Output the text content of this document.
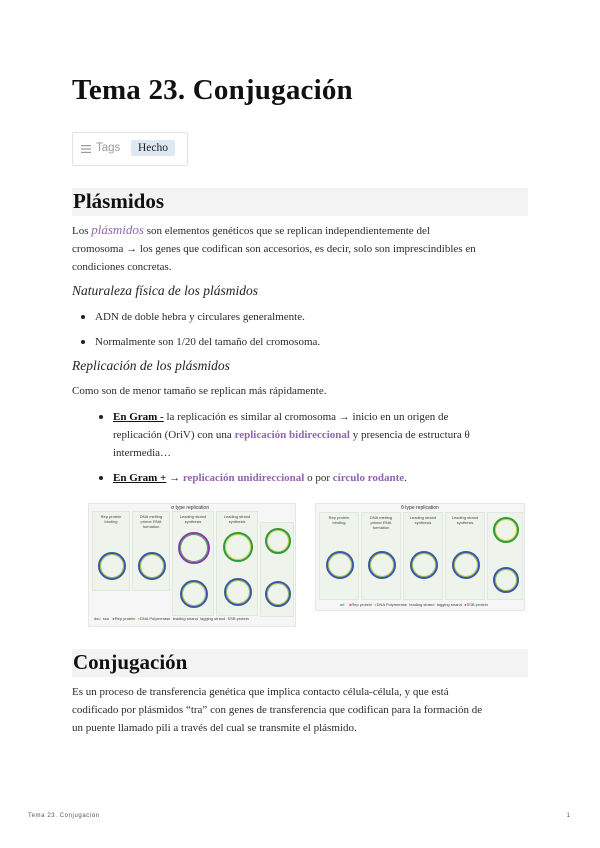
Tema 23. Conjugación
Tags	Hecho
Plásmidos
Los plásmidos son elementos genéticos que se replican independientemente del
cromosoma → los genes que codifican son accesorios, es decir, solo son imprescindibles en
condiciones concretas.
Naturaleza física de los plásmidos
ADN de doble hebra y circulares generalmente.
Normalmente son 1/20 del tamaño del cromosoma.
Replicación de los plásmidos
Como son de menor tamaño se replican más rápidamente.
En Gram - la replicación es similar al cromosoma → inicio en un origen de
replicación (OriV) con una replicación bidireccional y presencia de estructura θ
intermedia…
En Gram + → replicación unidireccional o por círculo rodante.
σ type replication
Rep protein binding
DNA melting primer RNA formation
Leading strand synthesis
Leading strand synthesis
dso sso ●Rep protein ●DNA Polymerase leading strand lagging strand SSB protein
θ type replication
Rep protein binding
DNA melting primer RNA formation
Leading strand synthesis
Leading strand synthesis
ori ●Rep protein ●DNA Polymerase leading strand lagging strand ●SSB protein
Conjugación
Es un proceso de transferencia genética que implica contacto célula-célula, y que está
codificado por plásmidos “tra” con genes de transferencia que codifican para la formación de
un puente llamado pili a través del cual se transmite el plásmido.
Tema 23. Conjugación	1
